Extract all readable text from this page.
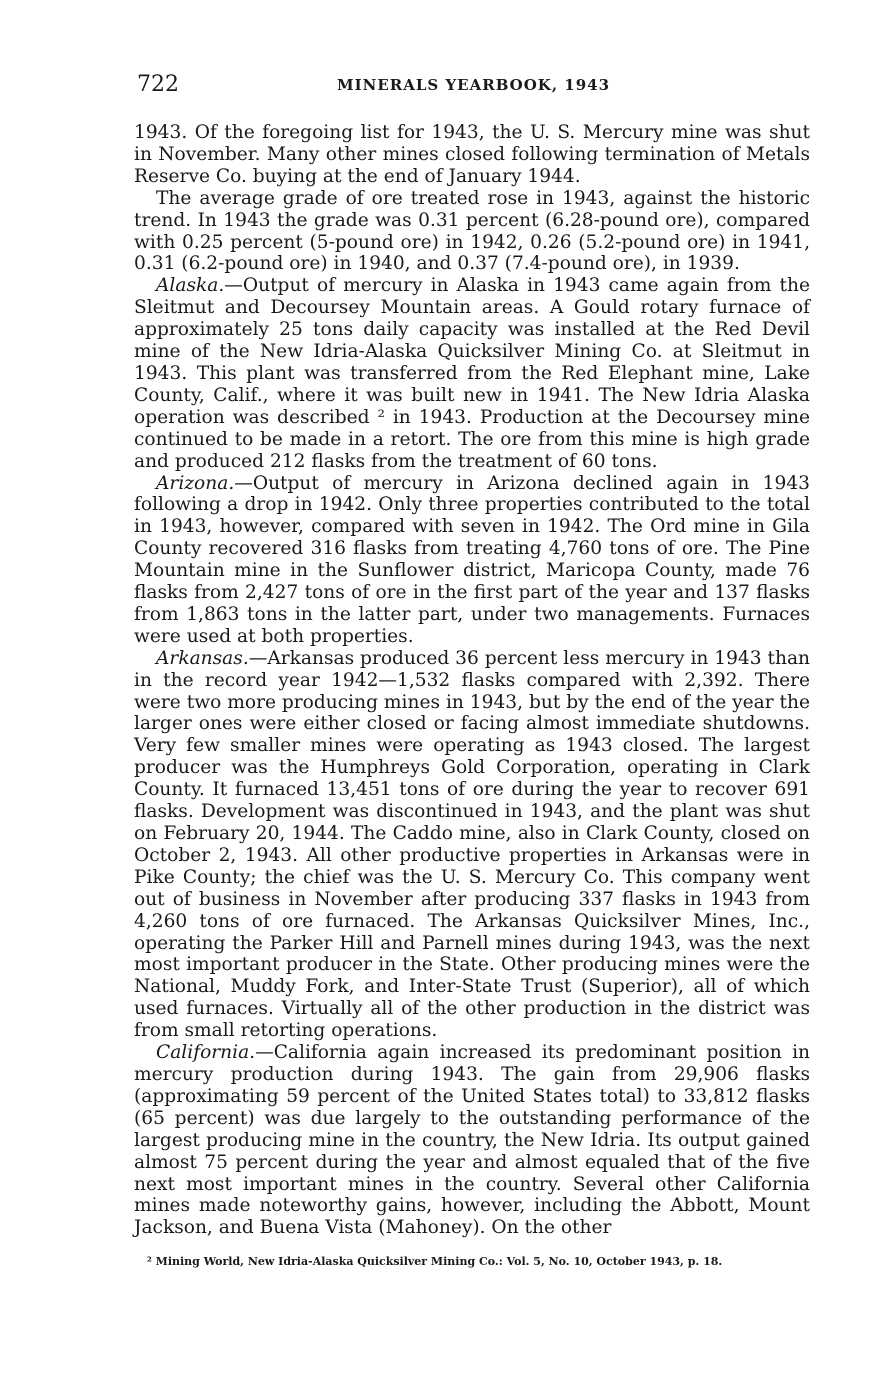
722	MINERALS YEARBOOK, 1943

1943. Of the foregoing list for 1943, the U. S. Mercury mine was shut in November. Many other mines closed following termination of Metals Reserve Co. buying at the end of January 1944.

The average grade of ore treated rose in 1943, against the historic trend. In 1943 the grade was 0.31 percent (6.28-pound ore), compared with 0.25 percent (5-pound ore) in 1942, 0.26 (5.2-pound ore) in 1941, 0.31 (6.2-pound ore) in 1940, and 0.37 (7.4-pound ore), in 1939.

Alaska.—Output of mercury in Alaska in 1943 came again from the Sleitmut and Decoursey Mountain areas. A Gould rotary furnace of approximately 25 tons daily capacity was installed at the Red Devil mine of the New Idria-Alaska Quicksilver Mining Co. at Sleitmut in 1943. This plant was transferred from the Red Elephant mine, Lake County, Calif., where it was built new in 1941. The New Idria Alaska operation was described ² in 1943. Production at the Decoursey mine continued to be made in a retort. The ore from this mine is high grade and produced 212 flasks from the treatment of 60 tons.

Arizona.—Output of mercury in Arizona declined again in 1943 following a drop in 1942. Only three properties contributed to the total in 1943, however, compared with seven in 1942. The Ord mine in Gila County recovered 316 flasks from treating 4,760 tons of ore. The Pine Mountain mine in the Sunflower district, Maricopa County, made 76 flasks from 2,427 tons of ore in the first part of the year and 137 flasks from 1,863 tons in the latter part, under two managements. Furnaces were used at both properties.

Arkansas.—Arkansas produced 36 percent less mercury in 1943 than in the record year 1942—1,532 flasks compared with 2,392. There were two more producing mines in 1943, but by the end of the year the larger ones were either closed or facing almost immediate shutdowns. Very few smaller mines were operating as 1943 closed. The largest producer was the Humphreys Gold Corporation, operating in Clark County. It furnaced 13,451 tons of ore during the year to recover 691 flasks. Development was discontinued in 1943, and the plant was shut on February 20, 1944. The Caddo mine, also in Clark County, closed on October 2, 1943. All other productive properties in Arkansas were in Pike County; the chief was the U. S. Mercury Co. This company went out of business in November after producing 337 flasks in 1943 from 4,260 tons of ore furnaced. The Arkansas Quicksilver Mines, Inc., operating the Parker Hill and Parnell mines during 1943, was the next most important producer in the State. Other producing mines were the National, Muddy Fork, and Inter-State Trust (Superior), all of which used furnaces. Virtually all of the other production in the district was from small retorting operations.

California.—California again increased its predominant position in mercury production during 1943. The gain from 29,906 flasks (approximating 59 percent of the United States total) to 33,812 flasks (65 percent) was due largely to the outstanding performance of the largest producing mine in the country, the New Idria. Its output gained almost 75 percent during the year and almost equaled that of the five next most important mines in the country. Several other California mines made noteworthy gains, however, including the Abbott, Mount Jackson, and Buena Vista (Mahoney). On the other

² Mining World, New Idria-Alaska Quicksilver Mining Co.: Vol. 5, No. 10, October 1943, p. 18.
